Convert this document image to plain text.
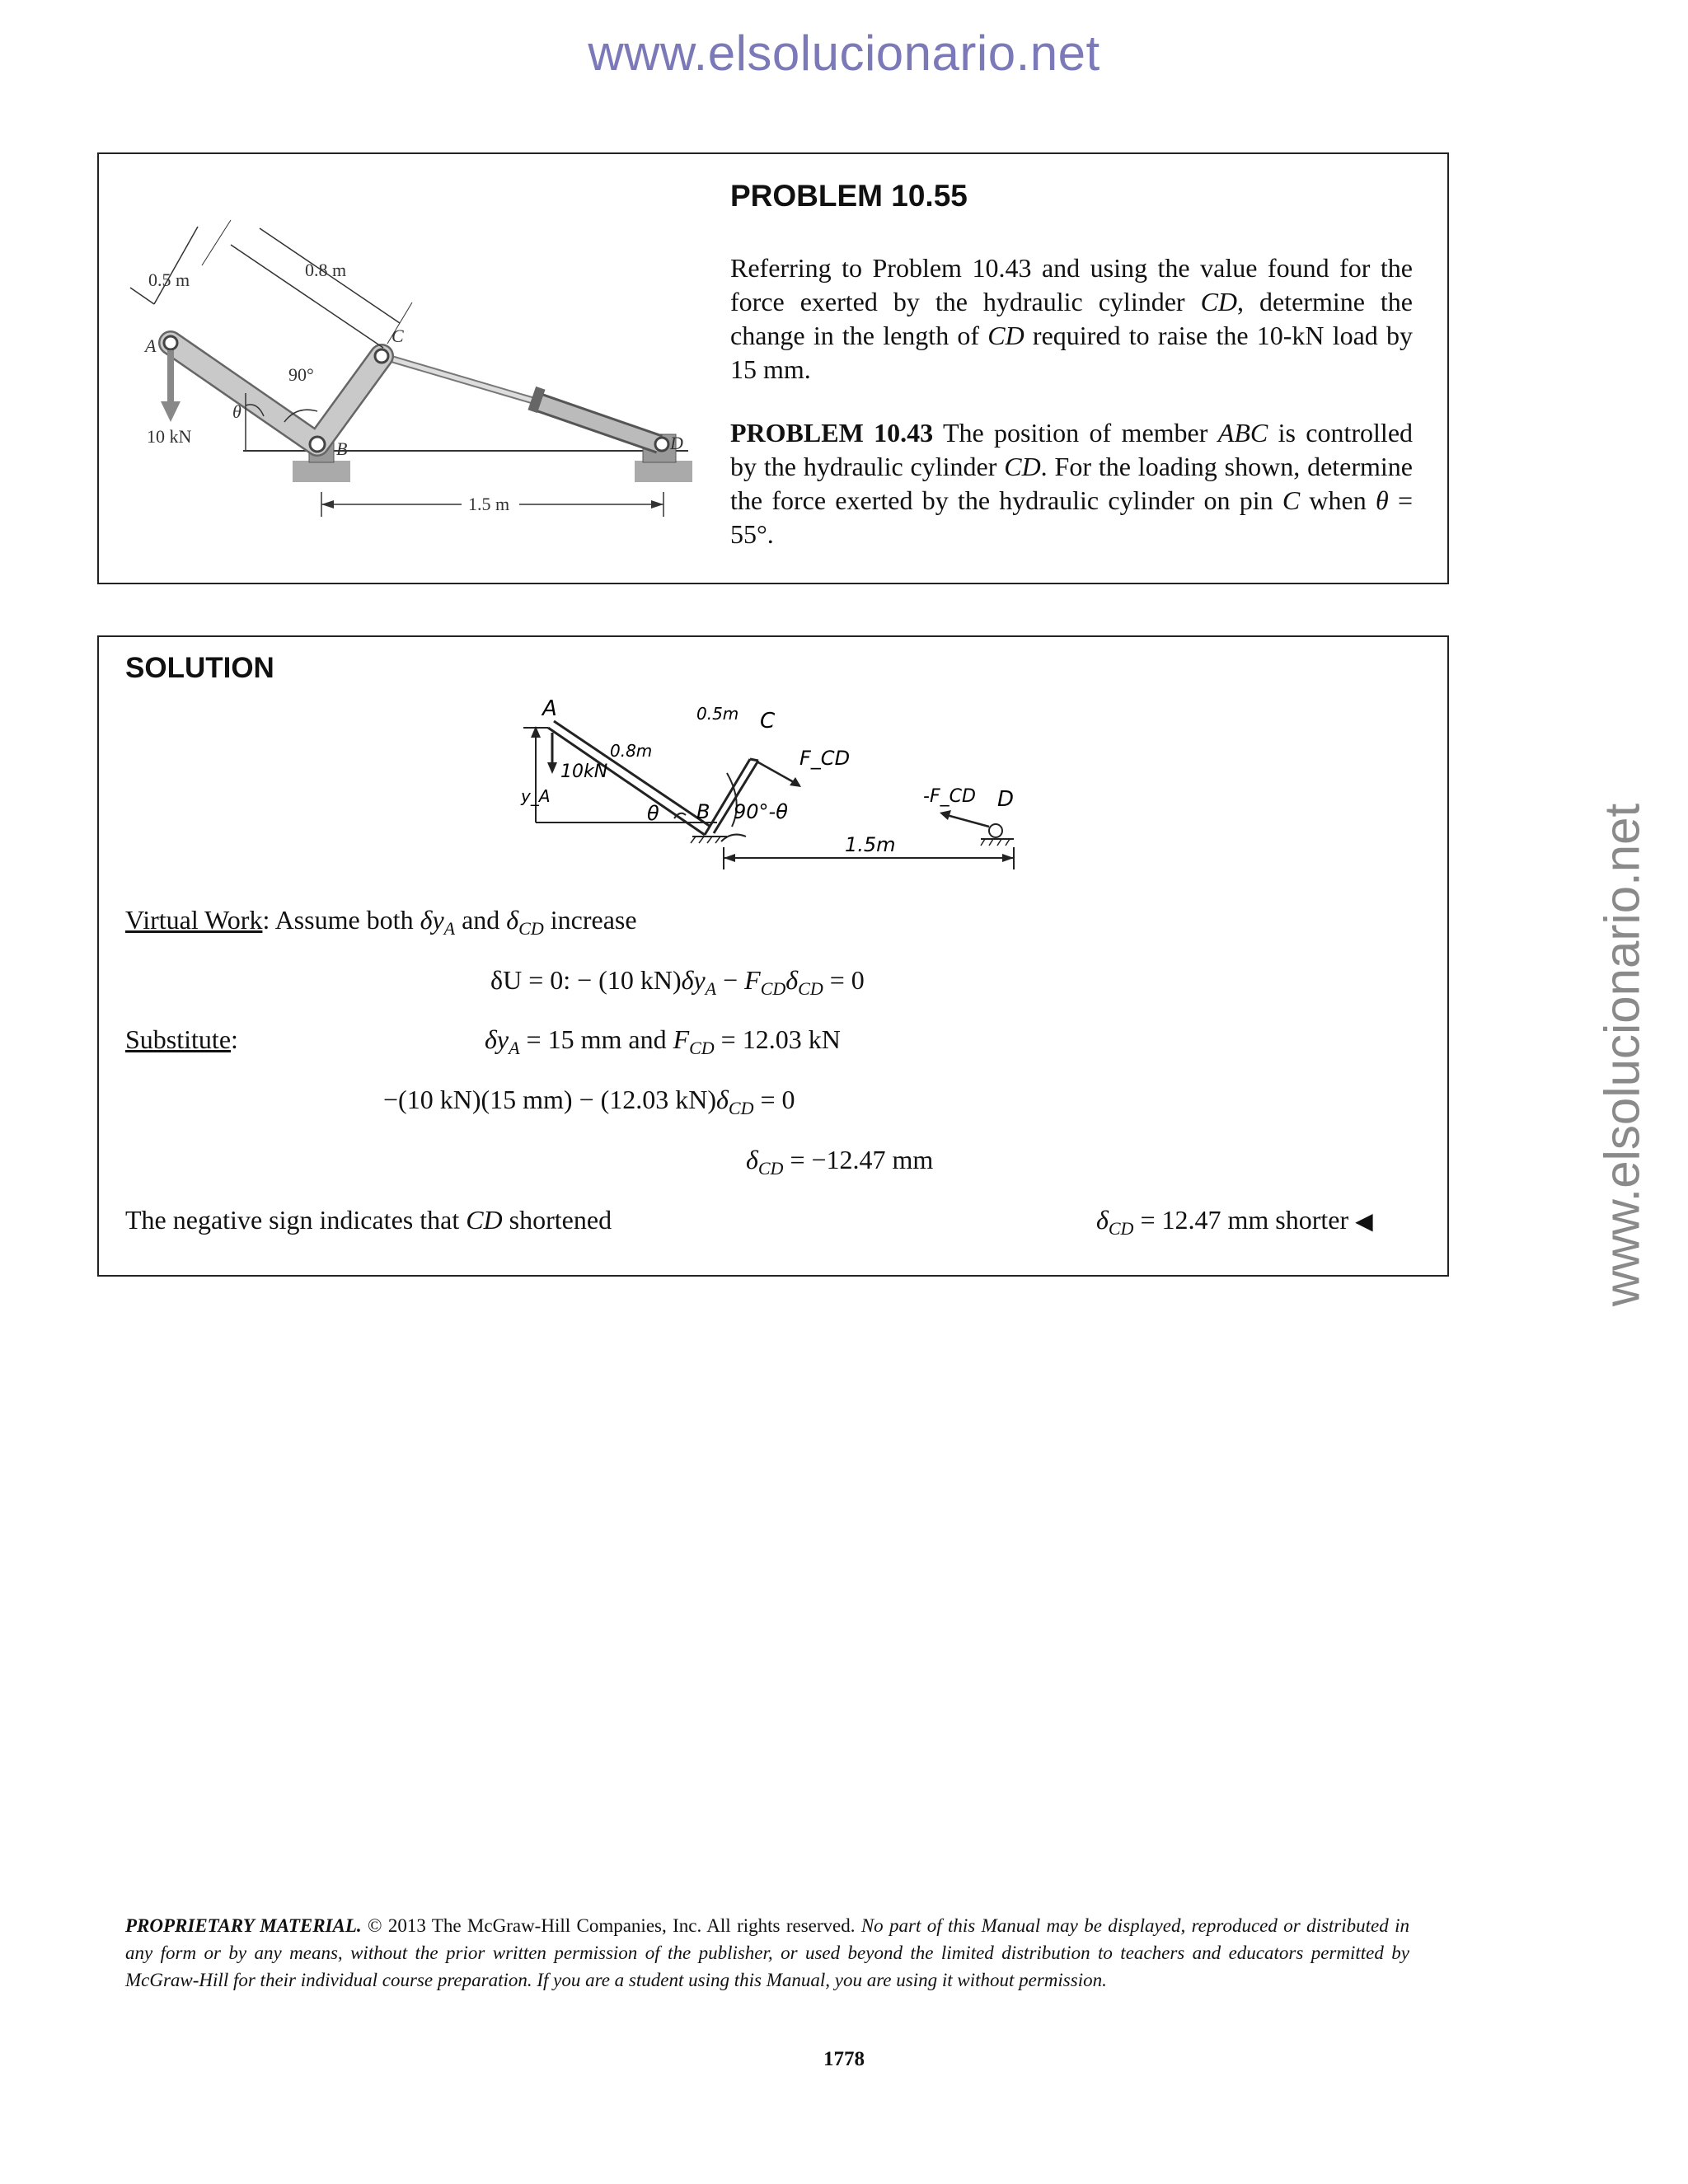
www.elsolucionario.net
www.elsolucionario.net
0.5 m	0.8 m
90°
10 kN
θ
A
B
C
D
1.5 m
PROBLEM 10.55
Referring to Problem 10.43 and using the value found for the force exerted by the hydraulic cylinder CD, determine the change in the length of CD required to raise the 10-kN load by 15 mm.
PROBLEM 10.43 The position of member ABC is controlled by the hydraulic cylinder CD. For the loading shown, determine the force exerted by the hydraulic cylinder on pin C when θ = 55°.
SOLUTION
A
0.8m
10kN
y_A
θ B
0.5m C
F_CD
90°-θ
-F_CD D
1.5m
Virtual Work: Assume both $\delta y_A$ and $\delta_{CD}$ increase
δU = 0: − (10 $kN)\delta y_A - F_{CD}\delta_{CD} = 0$
Substitute:	$\delta y_A = 15$ mm and $F_{CD} = 12.03$ kN
−(10 kN)(15 mm) − (12.03 $kN)\delta_{CD} = 0$
$\delta_{CD} = -12.47$ mm
The negative sign indicates that CD shortened	$\delta_{CD} = 12.47$ mm shorter ◀
PROPRIETARY MATERIAL. © 2013 The McGraw-Hill Companies, Inc. All rights reserved. No part of this Manual may be displayed, reproduced or distributed in any form or by any means, without the prior written permission of the publisher, or used beyond the limited distribution to teachers and educators permitted by McGraw-Hill for their individual course preparation. If you are a student using this Manual, you are using it without permission.
1778
